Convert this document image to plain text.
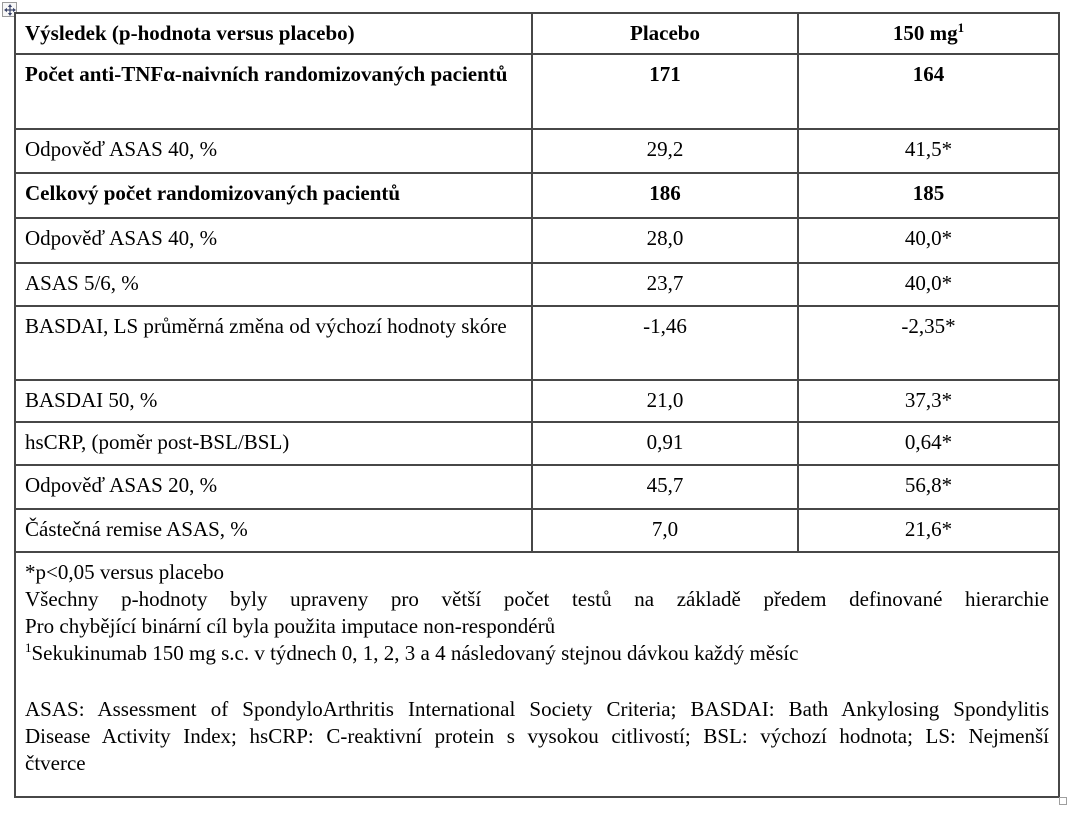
Výsledek (p-hodnota versus placebo)	Placebo	150 $mg^1$
Počet anti-TNFα-naivních randomizovaných pacientů	171	164
Odpověď ASAS 40, %	29,2	41,5*
Celkový počet randomizovaných pacientů	186	185
Odpověď ASAS 40, %	28,0	40,0*
ASAS 5/6, %	23,7	40,0*
BASDAI, LS průměrná změna od výchozí hodnoty skóre	-1,46	-2,35*
BASDAI 50, %	21,0	37,3*
hsCRP, (poměr post-BSL/BSL)	0,91	0,64*
Odpověď ASAS 20, %	45,7	56,8*
Částečná remise ASAS, %	7,0	21,6*

*p<0,05 versus placebo
Všechny p-hodnoty byly upraveny pro větší počet testů na základě předem definované hierarchie
Pro chybějící binární cíl byla použita imputace non-respondérů
$^1$Sekukinumab 150 mg s.c. v týdnech 0, 1, 2, 3 a 4 následovaný stejnou dávkou každý měsíc
ASAS: Assessment of SpondyloArthritis International Society Criteria; BASDAI: Bath Ankylosing Spondylitis Disease Activity Index; hsCRP: C-reaktivní protein s vysokou citlivostí; BSL: výchozí hodnota; LS: Nejmenší čtverce		
